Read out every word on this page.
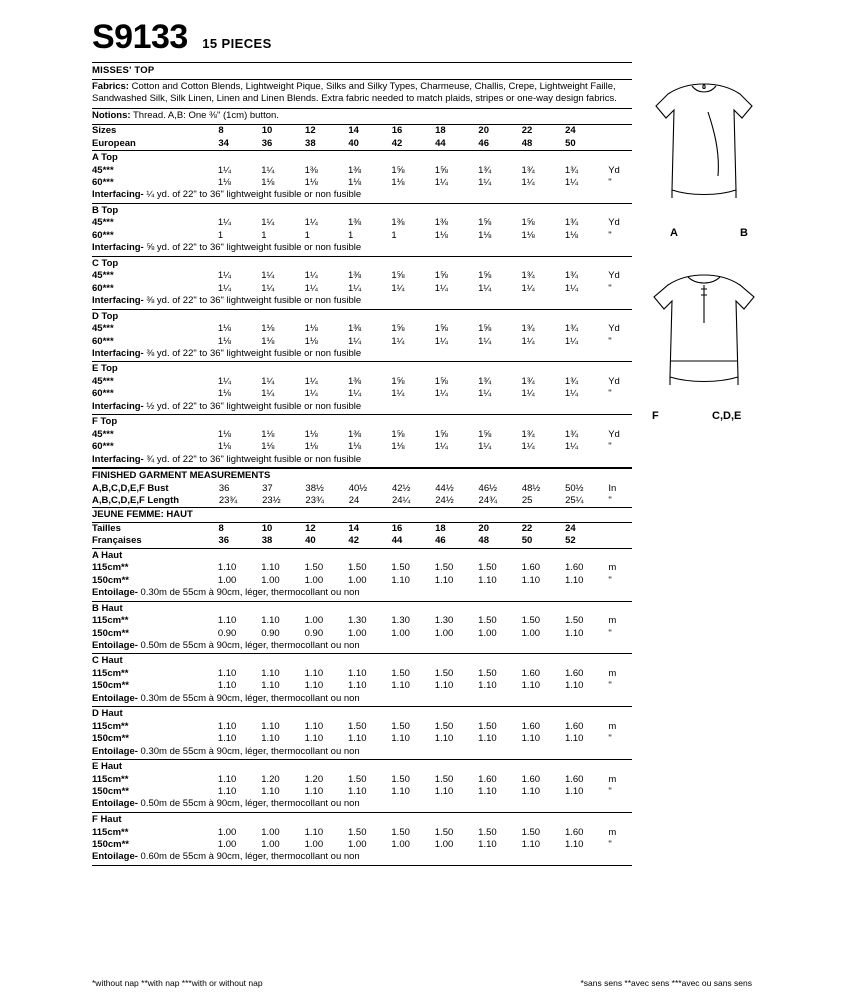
S9133 15 PIECES
MISSES' TOP
Fabrics: Cotton and Cotton Blends, Lightweight Pique, Silks and Silky Types, Charmeuse, Challis, Crepe, Lightweight Faille, Sandwashed Silk, Silk Linen, Linen and Linen Blends. Extra fabric needed to match plaids, stripes or one-way design fabrics.
Notions: Thread. A,B: One ⅜" (1cm) button.
Sizes	8	10	12	14	16	18	20	22	24	
European	34	36	38	40	42	44	46	48	50	
A Top
45***	1¼	1¼	1⅜	1⅜	1⅝	1⅝	1¾	1¾	1¾	Yd
60***	1⅛	1⅛	1⅛	1⅛	1⅛	1¼	1¼	1¼	1¼	"
Interfacing- ¼ yd. of 22" to 36" lightweight fusible or non fusible
B Top
45***	1¼	1¼	1¼	1⅜	1⅜	1⅜	1⅝	1⅝	1¾	Yd
60***	1	1	1	1	1	1⅛	1⅛	1⅛	1⅛	"
Interfacing- ⅝ yd. of 22" to 36" lightweight fusible or non fusible
C Top
45***	1¼	1¼	1¼	1⅜	1⅝	1⅝	1⅝	1¾	1¾	Yd
60***	1¼	1¼	1¼	1¼	1¼	1¼	1¼	1¼	1¼	"
Interfacing- ⅜ yd. of 22" to 36" lightweight fusible or non fusible
D Top
45***	1⅛	1⅛	1⅛	1⅜	1⅝	1⅝	1⅝	1¾	1¾	Yd
60***	1⅛	1⅛	1⅛	1¼	1¼	1¼	1¼	1¼	1¼	"
Interfacing- ⅜ yd. of 22" to 36" lightweight fusible or non fusible
E Top
45***	1¼	1¼	1¼	1⅜	1⅝	1⅝	1¾	1¾	1¾	Yd
60***	1⅛	1¼	1¼	1¼	1¼	1¼	1¼	1¼	1¼	"
Interfacing- ½ yd. of 22" to 36" lightweight fusible or non fusible
F Top
45***	1⅛	1⅛	1⅛	1⅜	1⅝	1⅝	1⅝	1¾	1¾	Yd
60***	1⅛	1⅛	1⅛	1⅛	1⅛	1¼	1¼	1¼	1¼	"
Interfacing- ¾ yd. of 22" to 36" lightweight fusible or non fusible
FINISHED GARMENT MEASUREMENTS
A,B,C,D,E,F Bust	36	37	38½	40½	42½	44½	46½	48½	50½	In
A,B,C,D,E,F Length	23¾	23½	23¾	24	24¼	24½	24¾	25	25¼	"
JEUNE FEMME: HAUT
Tailles	8	10	12	14	16	18	20	22	24	
Françaises	36	38	40	42	44	46	48	50	52	
A Haut
115cm**	1.10	1.10	1.50	1.50	1.50	1.50	1.50	1.60	1.60	m
150cm**	1.00	1.00	1.00	1.00	1.10	1.10	1.10	1.10	1.10	"
Entoilage- 0.30m de 55cm à 90cm, léger, thermocollant ou non
B Haut
115cm**	1.10	1.10	1.00	1.30	1.30	1.30	1.50	1.50	1.50	m
150cm**	0.90	0.90	0.90	1.00	1.00	1.00	1.00	1.00	1.10	"
Entoilage- 0.50m de 55cm à 90cm, léger, thermocollant ou non
C Haut
115cm**	1.10	1.10	1.10	1.10	1.50	1.50	1.50	1.60	1.60	m
150cm**	1.10	1.10	1.10	1.10	1.10	1.10	1.10	1.10	1.10	"
Entoilage- 0.30m de 55cm à 90cm, léger, thermocollant ou non
D Haut
115cm**	1.10	1.10	1.10	1.50	1.50	1.50	1.50	1.60	1.60	m
150cm**	1.10	1.10	1.10	1.10	1.10	1.10	1.10	1.10	1.10	"
Entoilage- 0.30m de 55cm à 90cm, léger, thermocollant ou non
E Haut
115cm**	1.10	1.20	1.20	1.50	1.50	1.50	1.60	1.60	1.60	m
150cm**	1.10	1.10	1.10	1.10	1.10	1.10	1.10	1.10	1.10	"
Entoilage- 0.50m de 55cm à 90cm, léger, thermocollant ou non
F Haut
115cm**	1.00	1.00	1.10	1.50	1.50	1.50	1.50	1.50	1.60	m
150cm**	1.00	1.00	1.00	1.00	1.00	1.00	1.10	1.10	1.10	"
Entoilage- 0.60m de 55cm à 90cm, léger, thermocollant ou non
A	B
F	C,D,E
*without nap **with nap ***with or without nap	*sans sens **avec sens ***avec ou sans sens
